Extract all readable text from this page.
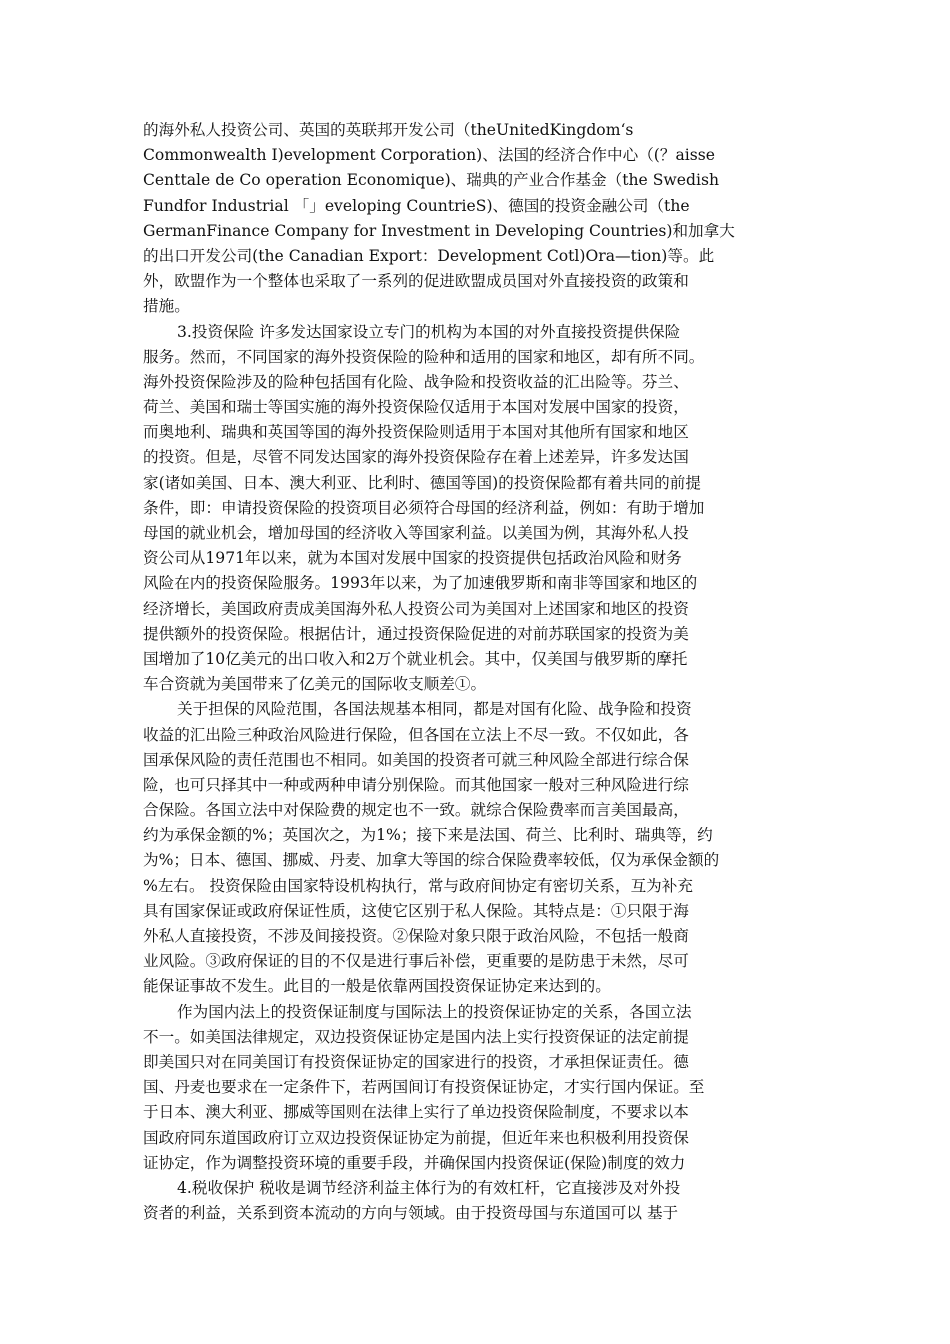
的海外私人投资公司、英国的英联邦开发公司（theUnitedKingdom‘s
Commonwealth I)evelopment Corporation)、法国的经济合作中心（(？aisse
Centtale de Co operation Economique)、瑞典的产业合作基金（the Swedish
Fundfor Industrial 「」eveloping CountrieS)、德国的投资金融公司（the
GermanFinance Company for Investment in Developing Countries)和加拿大
的出口开发公司(the Canadian Export：Development Cotl)Ora—tion)等。此
外，欧盟作为一个整体也采取了一系列的促进欧盟成员国对外直接投资的政策和
措施。
3.投资保险 许多发达国家设立专门的机构为本国的对外直接投资提供保险
服务。然而，不同国家的海外投资保险的险种和适用的国家和地区，却有所不同。
海外投资保险涉及的险种包括国有化险、战争险和投资收益的汇出险等。芬兰、
荷兰、美国和瑞士等国实施的海外投资保险仅适用于本国对发展中国家的投资，
而奥地利、瑞典和英国等国的海外投资保险则适用于本国对其他所有国家和地区
的投资。但是，尽管不同发达国家的海外投资保险存在着上述差异，许多发达国
家(诸如美国、日本、澳大利亚、比利时、德国等国)的投资保险都有着共同的前提
条件，即：申请投资保险的投资项目必须符合母国的经济利益，例如：有助于增加
母国的就业机会，增加母国的经济收入等国家利益。以美国为例，其海外私人投
资公司从1971年以来，就为本国对发展中国家的投资提供包括政治风险和财务
风险在内的投资保险服务。1993年以来，为了加速俄罗斯和南非等国家和地区的
经济增长，美国政府责成美国海外私人投资公司为美国对上述国家和地区的投资
提供额外的投资保险。根据估计，通过投资保险促进的对前苏联国家的投资为美
国增加了10亿美元的出口收入和2万个就业机会。其中，仅美国与俄罗斯的摩托
车合资就为美国带来了亿美元的国际收支顺差①。
关于担保的风险范围，各国法规基本相同，都是对国有化险、战争险和投资
收益的汇出险三种政治风险进行保险，但各国在立法上不尽一致。不仅如此，各
国承保风险的责任范围也不相同。如美国的投资者可就三种风险全部进行综合保
险，也可只择其中一种或两种申请分别保险。而其他国家一般对三种风险进行综
合保险。各国立法中对保险费的规定也不一致。就综合保险费率而言美国最高，
约为承保金额的%；英国次之，为1%；接下来是法国、荷兰、比利时、瑞典等，约
为%；日本、德国、挪威、丹麦、加拿大等国的综合保险费率较低，仅为承保金额的
%左右。 投资保险由国家特设机构执行，常与政府间协定有密切关系，互为补充
具有国家保证或政府保证性质，这使它区别于私人保险。其特点是：①只限于海
外私人直接投资，不涉及间接投资。②保险对象只限于政治风险，不包括一般商
业风险。③政府保证的目的不仅是进行事后补偿，更重要的是防患于未然，尽可
能保证事故不发生。此目的一般是依靠两国投资保证协定来达到的。
作为国内法上的投资保证制度与国际法上的投资保证协定的关系，各国立法
不一。如美国法律规定，双边投资保证协定是国内法上实行投资保证的法定前提
即美国只对在同美国订有投资保证协定的国家进行的投资，才承担保证责任。德
国、丹麦也要求在一定条件下，若两国间订有投资保证协定，才实行国内保证。至
于日本、澳大利亚、挪威等国则在法律上实行了单边投资保险制度，不要求以本
国政府同东道国政府订立双边投资保证协定为前提，但近年来也积极利用投资保
证协定，作为调整投资环境的重要手段，并确保国内投资保证(保险)制度的效力
4.税收保护 税收是调节经济利益主体行为的有效杠杆，它直接涉及对外投
资者的利益，关系到资本流动的方向与领域。由于投资母国与东道国可以 基于
